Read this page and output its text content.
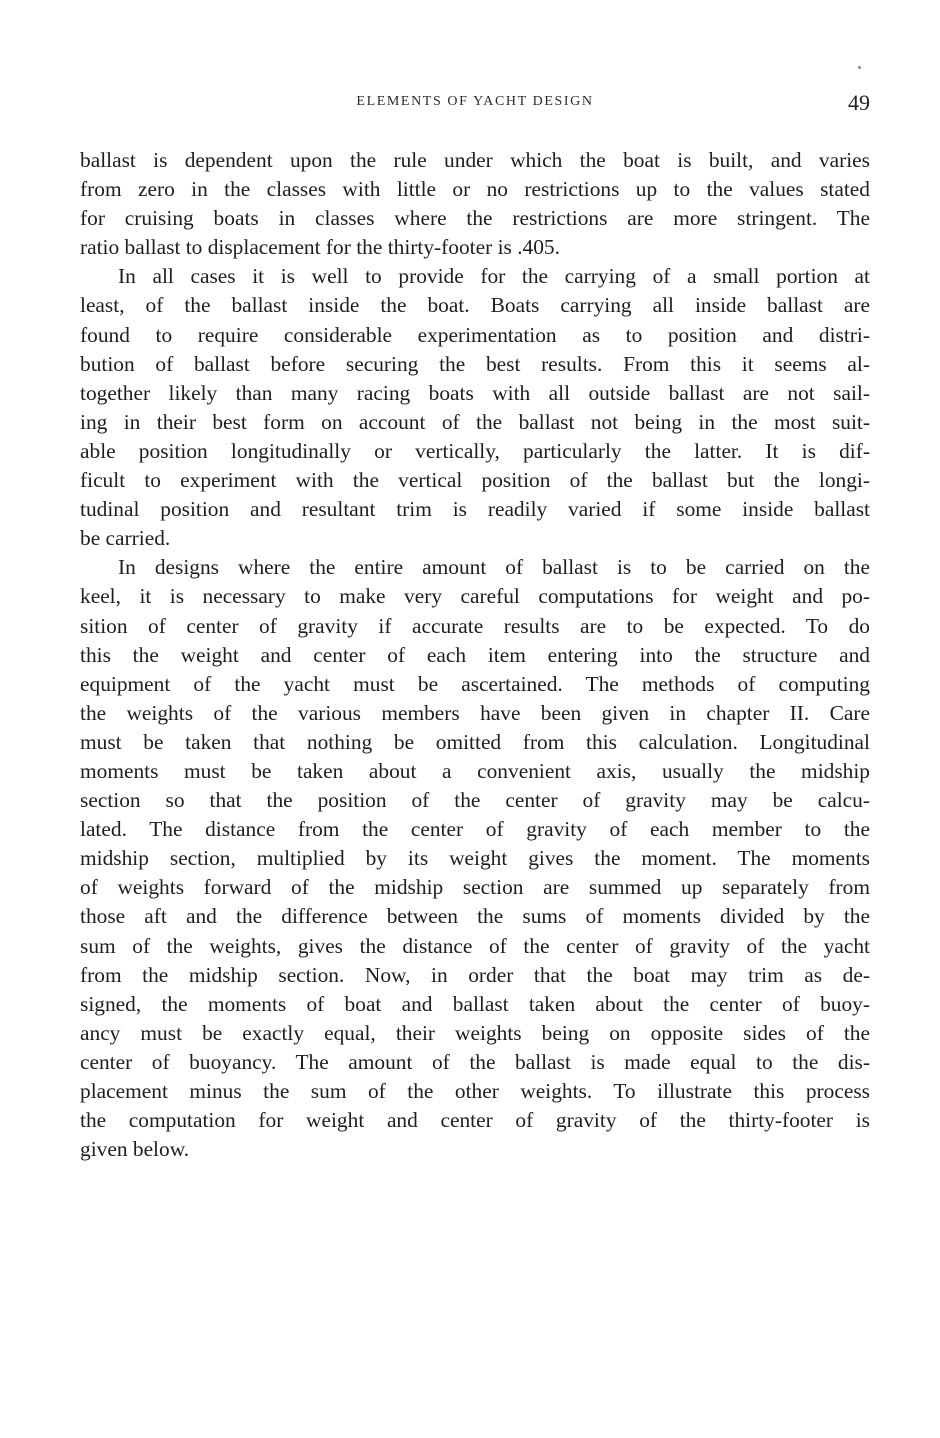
ELEMENTS OF YACHT DESIGN	49
ballast is dependent upon the rule under which the boat is built, and varies
from zero in the classes with little or no restrictions up to the values stated
for cruising boats in classes where the restrictions are more stringent. The
ratio ballast to displacement for the thirty-footer is .405.
In all cases it is well to provide for the carrying of a small portion at
least, of the ballast inside the boat. Boats carrying all inside ballast are
found to require considerable experimentation as to position and distri-
bution of ballast before securing the best results. From this it seems al-
together likely than many racing boats with all outside ballast are not sail-
ing in their best form on account of the ballast not being in the most suit-
able position longitudinally or vertically, particularly the latter. It is dif-
ficult to experiment with the vertical position of the ballast but the longi-
tudinal position and resultant trim is readily varied if some inside ballast
be carried.
In designs where the entire amount of ballast is to be carried on the
keel, it is necessary to make very careful computations for weight and po-
sition of center of gravity if accurate results are to be expected. To do
this the weight and center of each item entering into the structure and
equipment of the yacht must be ascertained. The methods of computing
the weights of the various members have been given in chapter II. Care
must be taken that nothing be omitted from this calculation. Longitudinal
moments must be taken about a convenient axis, usually the midship
section so that the position of the center of gravity may be calcu-
lated. The distance from the center of gravity of each member to the
midship section, multiplied by its weight gives the moment. The moments
of weights forward of the midship section are summed up separately from
those aft and the difference between the sums of moments divided by the
sum of the weights, gives the distance of the center of gravity of the yacht
from the midship section. Now, in order that the boat may trim as de-
signed, the moments of boat and ballast taken about the center of buoy-
ancy must be exactly equal, their weights being on opposite sides of the
center of buoyancy. The amount of the ballast is made equal to the dis-
placement minus the sum of the other weights. To illustrate this process
the computation for weight and center of gravity of the thirty-footer is
given below.
